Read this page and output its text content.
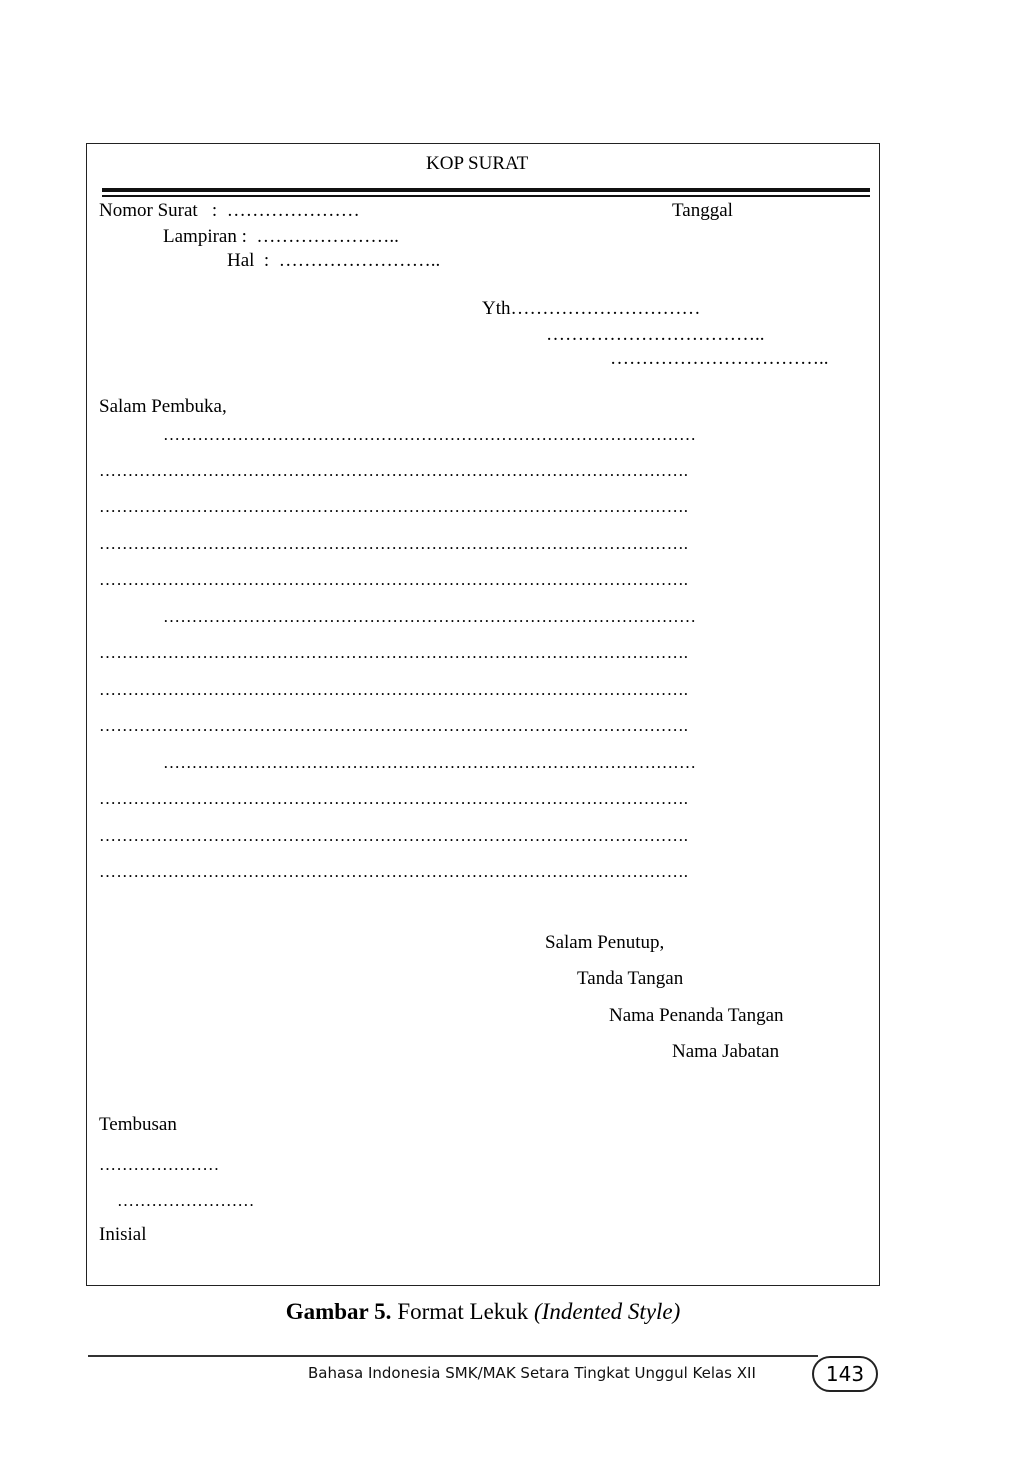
KOP SURAT
Nomor Surat   :  …………………	Tanggal
Lampiran :  …………………..
Hal  :  ……………………..
Yth…………………………
……………………………..
……………………………..
Salam Pembuka,
…………………………………………………………………………………
………………………………………………………………………………………….
………………………………………………………………………………………….
………………………………………………………………………………………….
………………………………………………………………………………………….
…………………………………………………………………………………
………………………………………………………………………………………….
………………………………………………………………………………………….
………………………………………………………………………………………….
…………………………………………………………………………………
………………………………………………………………………………………….
………………………………………………………………………………………….
………………………………………………………………………………………….
Salam Penutup,
Tanda Tangan
Nama Penanda Tangan
Nama Jabatan
Tembusan
…………………
……………………
Inisial
Gambar 5. Format Lekuk (Indented Style)
Bahasa Indonesia SMK/MAK Setara Tingkat Unggul Kelas XII	143
